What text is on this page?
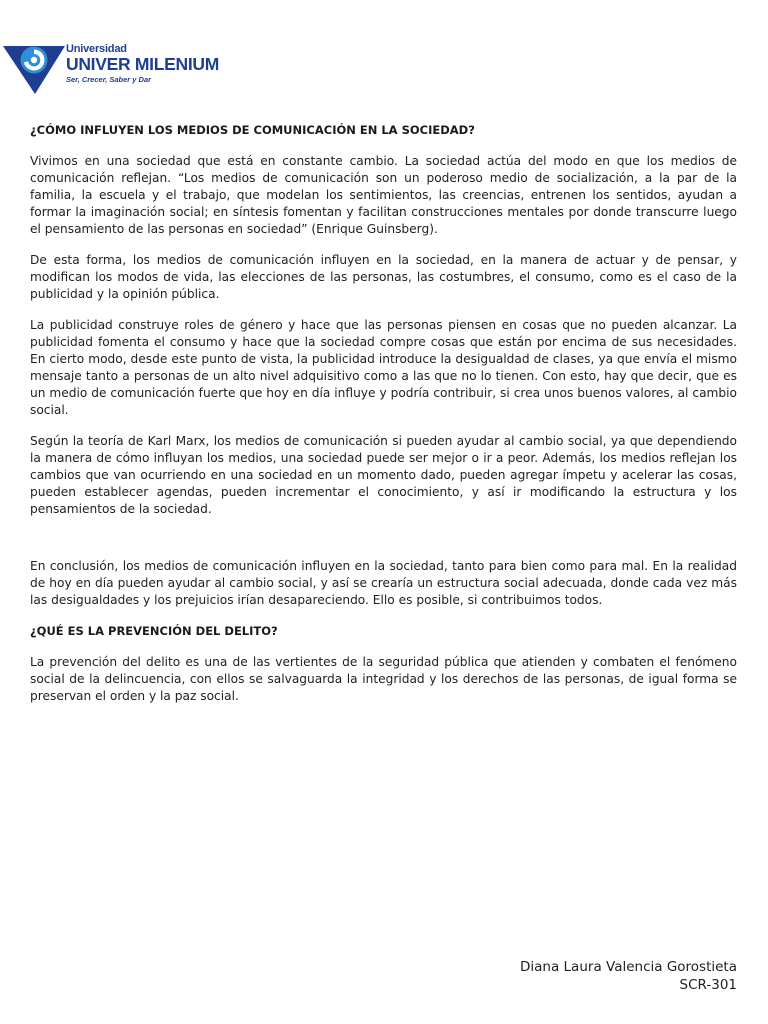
Universidad
UNIVER MILENIUM
Ser, Crecer, Saber y Dar
¿CÓMO INFLUYEN LOS MEDIOS DE COMUNICACIÓN EN LA SOCIEDAD?

Vivimos en una sociedad que está en constante cambio. La sociedad actúa del modo en que los medios de comunicación reflejan. “Los medios de comunicación son un poderoso medio de socialización, a la par de la familia, la escuela y el trabajo, que modelan los sentimientos, las creencias, entrenen los sentidos, ayudan a formar la imaginación social; en síntesis fomentan y facilitan construcciones mentales por donde transcurre luego el pensamiento de las personas en sociedad” (Enrique Guinsberg).

De esta forma, los medios de comunicación influyen en la sociedad, en la manera de actuar y de pensar, y modifican los modos de vida, las elecciones de las personas, las costumbres, el consumo, como es el caso de la publicidad y la opinión pública.

La publicidad construye roles de género y hace que las personas piensen en cosas que no pueden alcanzar. La publicidad fomenta el consumo y hace que la sociedad compre cosas que están por encima de sus necesidades. En cierto modo, desde este punto de vista, la publicidad introduce la desigualdad de clases, ya que envía el mismo mensaje tanto a personas de un alto nivel adquisitivo como a las que no lo tienen. Con esto, hay que decir, que es un medio de comunicación fuerte que hoy en día influye y podría contribuir, si crea unos buenos valores, al cambio social.

Según la teoría de Karl Marx, los medios de comunicación si pueden ayudar al cambio social, ya que dependiendo la manera de cómo influyan los medios, una sociedad puede ser mejor o ir a peor. Además, los medios reflejan los cambios que van ocurriendo en una sociedad en un momento dado, pueden agregar ímpetu y acelerar las cosas, pueden establecer agendas, pueden incrementar el conocimiento, y así ir modificando la estructura y los pensamientos de la sociedad.

En conclusión, los medios de comunicación influyen en la sociedad, tanto para bien como para mal. En la realidad de hoy en día pueden ayudar al cambio social, y así se crearía un estructura social adecuada, donde cada vez más las desigualdades y los prejuicios irían desapareciendo. Ello es posible, si contribuimos todos.

¿QUÉ ES LA PREVENCIÓN DEL DELITO?

La prevención del delito es una de las vertientes de la seguridad pública que atienden y combaten el fenómeno social de la delincuencia, con ellos se salvaguarda la integridad y los derechos de las personas, de igual forma se preservan el orden y la paz social.

Diana Laura Valencia Gorostieta
SCR-301
